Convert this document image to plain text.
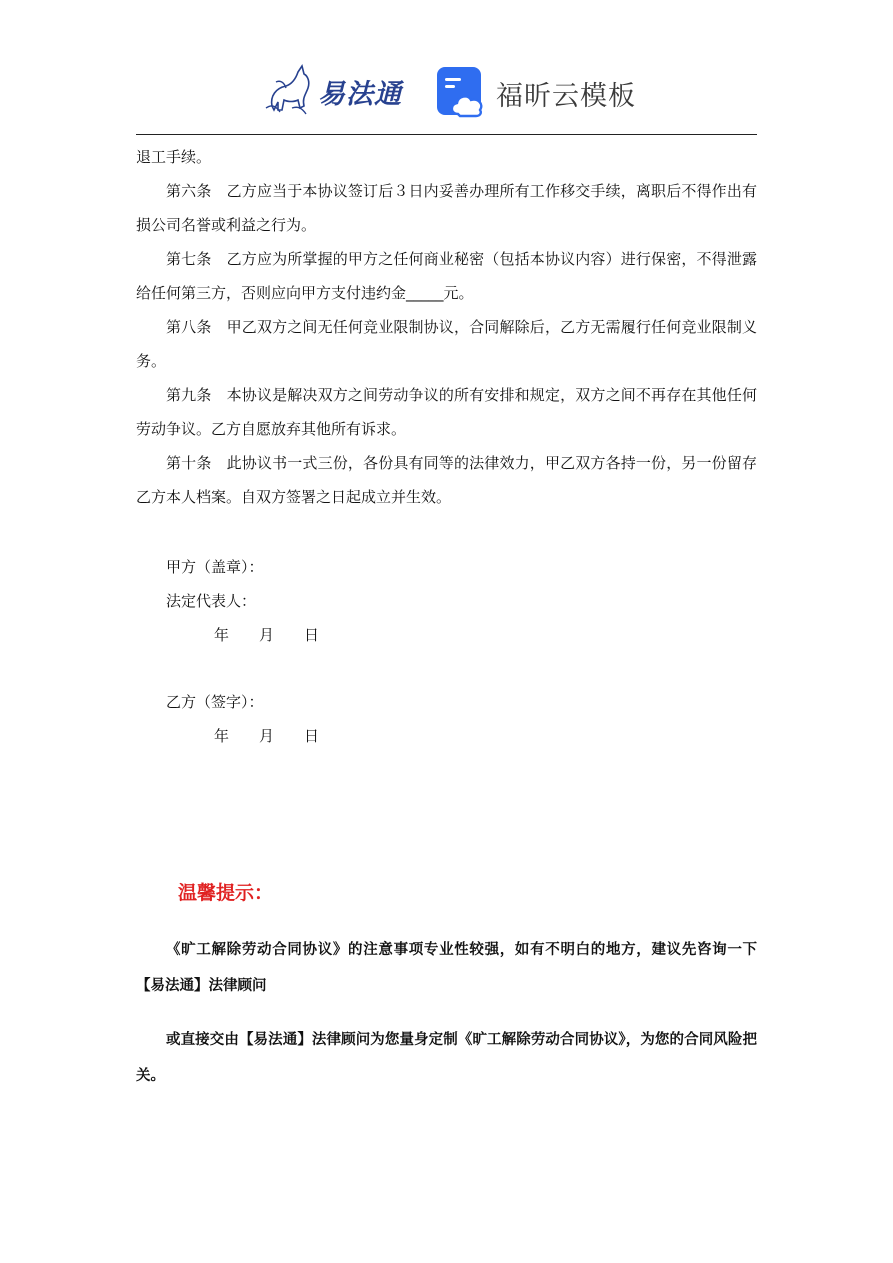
易法通	福昕云模板

退工手续。

第六条　乙方应当于本协议签订后３日内妥善办理所有工作移交手续，离职后不得作出有损公司名誉或利益之行为。

第七条　乙方应为所掌握的甲方之任何商业秘密（包括本协议内容）进行保密，不得泄露给任何第三方，否则应向甲方支付违约金_____元。

第八条　甲乙双方之间无任何竞业限制协议，合同解除后，乙方无需履行任何竞业限制义务。

第九条　本协议是解决双方之间劳动争议的所有安排和规定，双方之间不再存在其他任何劳动争议。乙方自愿放弃其他所有诉求。

第十条　此协议书一式三份，各份具有同等的法律效力，甲乙双方各持一份，另一份留存乙方本人档案。自双方签署之日起成立并生效。

甲方（盖章）：
法定代表人：
年　　月　　日
乙方（签字）：
年　　月　　日
温馨提示：

《旷工解除劳动合同协议》的注意事项专业性较强，如有不明白的地方，建议先咨询一下【易法通】法律顾问

或直接交由【易法通】法律顾问为您量身定制《旷工解除劳动合同协议》，为您的合同风险把关。
